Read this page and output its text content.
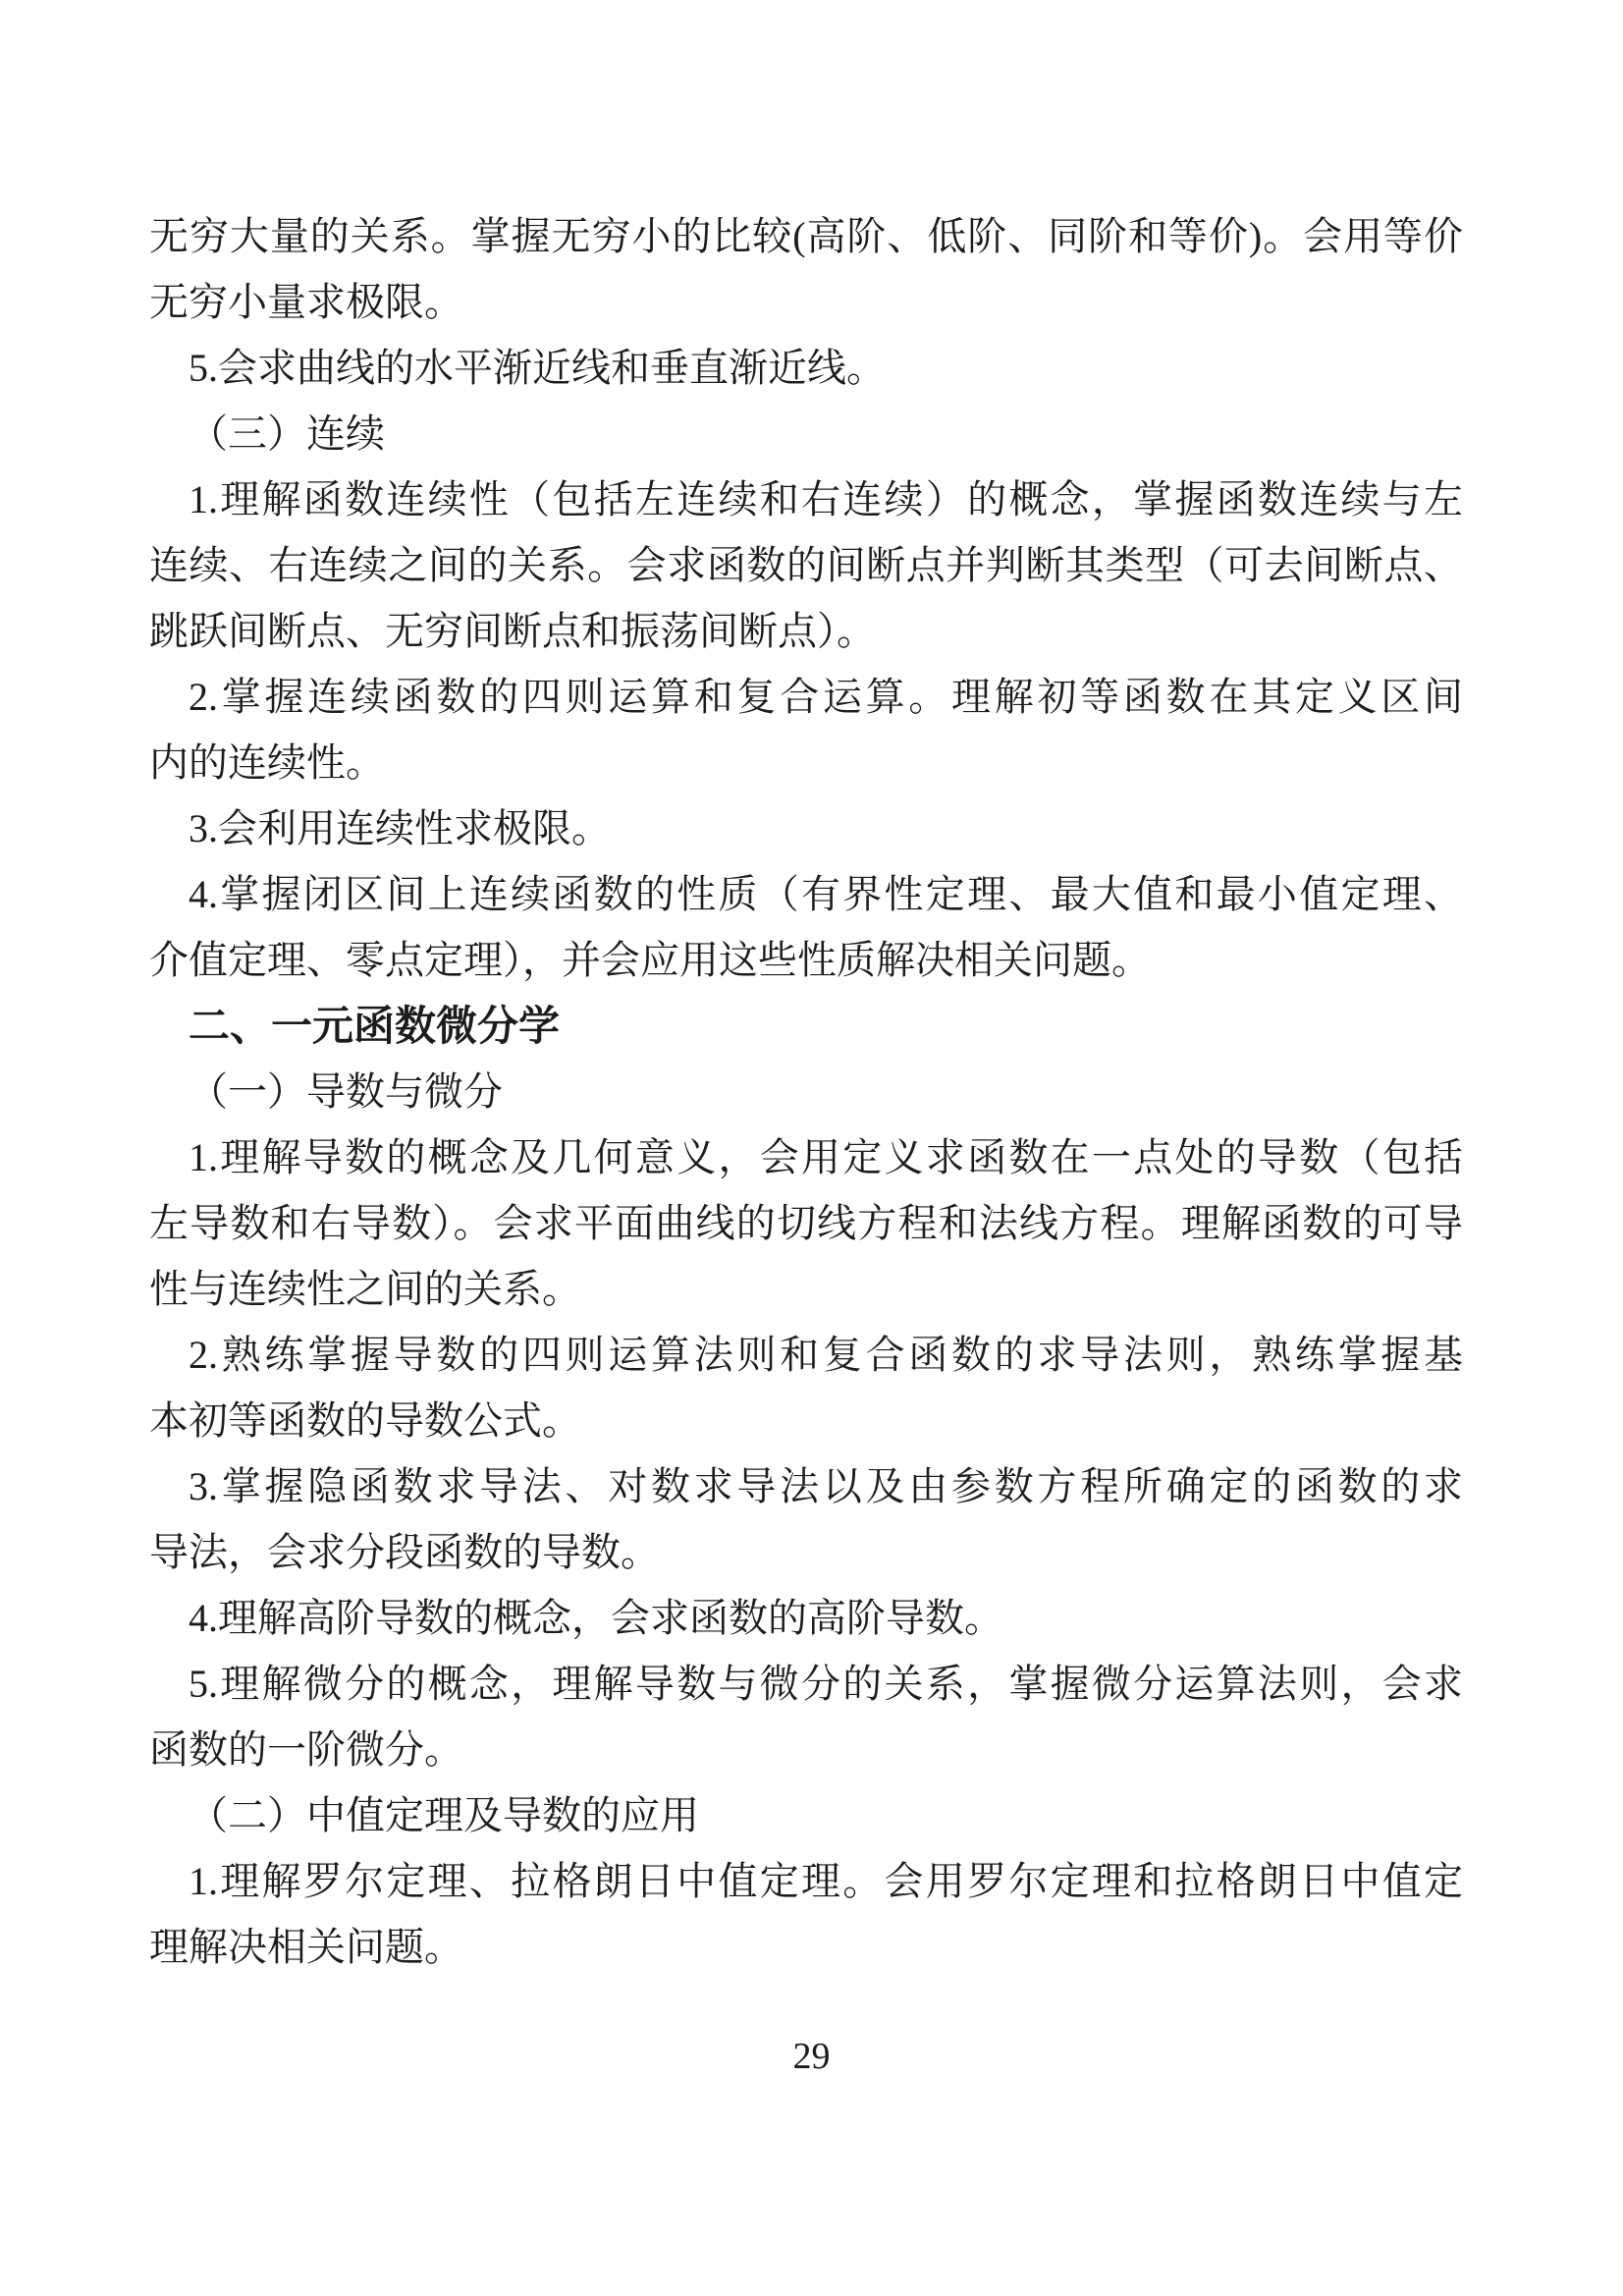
无穷大量的关系。掌握无穷小的比较(高阶、低阶、同阶和等价)。会用等价
无穷小量求极限。
5.会求曲线的水平渐近线和垂直渐近线。
（三）连续
1.理解函数连续性（包括左连续和右连续）的概念，掌握函数连续与左
连续、右连续之间的关系。会求函数的间断点并判断其类型（可去间断点、
跳跃间断点、无穷间断点和振荡间断点）。
2.掌握连续函数的四则运算和复合运算。理解初等函数在其定义区间
内的连续性。
3.会利用连续性求极限。
4.掌握闭区间上连续函数的性质（有界性定理、最大值和最小值定理、
介值定理、零点定理），并会应用这些性质解决相关问题。
二、一元函数微分学
（一）导数与微分
1.理解导数的概念及几何意义，会用定义求函数在一点处的导数（包括
左导数和右导数）。会求平面曲线的切线方程和法线方程。理解函数的可导
性与连续性之间的关系。
2.熟练掌握导数的四则运算法则和复合函数的求导法则，熟练掌握基
本初等函数的导数公式。
3.掌握隐函数求导法、对数求导法以及由参数方程所确定的函数的求
导法，会求分段函数的导数。
4.理解高阶导数的概念，会求函数的高阶导数。
5.理解微分的概念，理解导数与微分的关系，掌握微分运算法则，会求
函数的一阶微分。
（二）中值定理及导数的应用
1.理解罗尔定理、拉格朗日中值定理。会用罗尔定理和拉格朗日中值定
理解决相关问题。
29
